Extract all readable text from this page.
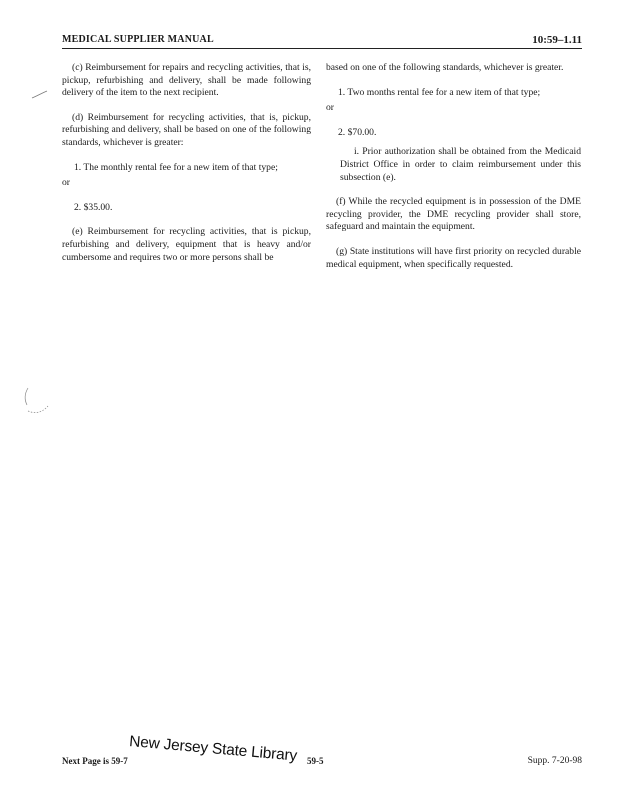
MEDICAL SUPPLIER MANUAL	10:59–1.11

(c) Reimbursement for repairs and recycling activities, that is, pickup, refurbishing and delivery, shall be made following delivery of the item to the next recipient.

(d) Reimbursement for recycling activities, that is, pickup, refurbishing and delivery, shall be based on one of the following standards, whichever is greater:

1. The monthly rental fee for a new item of that type;

or

2. $35.00.

(e) Reimbursement for recycling activities, that is pickup, refurbishing and delivery, equipment that is heavy and/or cumbersome and requires two or more persons shall be

based on one of the following standards, whichever is greater.

1. Two months rental fee for a new item of that type;

or

2. $70.00.

i. Prior authorization shall be obtained from the Medicaid District Office in order to claim reimbursement under this subsection (e).

(f) While the recycled equipment is in possession of the DME recycling provider, the DME recycling provider shall store, safeguard and maintain the equipment.

(g) State institutions will have first priority on recycled durable medical equipment, when specifically requested.

Next Page is 59-7 New Jersey State Library 59-5	Supp. 7-20-98
